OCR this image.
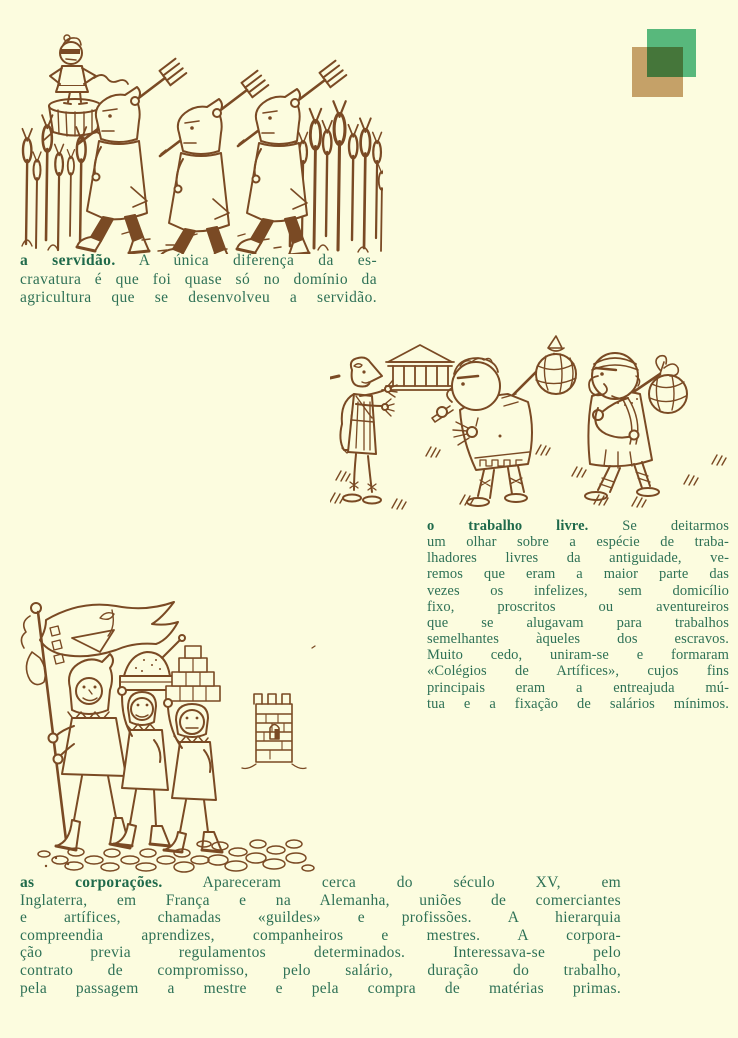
a servidão. A única diferença da es-
cravatura é que foi quase só no domínio da
agricultura que se desenvolveu a servidão.
o trabalho livre. Se deitarmos
um olhar sobre a espécie de traba-
lhadores livres da antiguidade, ve-
remos que eram a maior parte das
vezes os infelizes, sem domicílio
fixo, proscritos ou aventureiros
que se alugavam para trabalhos
semelhantes àqueles dos escravos.
Muito cedo, uniram-se e formaram
«Colégios de Artífices», cujos fins
principais eram a entreajuda mú-
tua e a fixação de salários mínimos.
as corporações.	Apareceram cerca do século XV, em
Inglaterra, em França e na Alemanha, uniões de comerciantes
e artífices, chamadas «guildes» e profissões. A hierarquia
compreendia aprendizes, companheiros e mestres. A corpora-
ção previa regulamentos determinados. Interessava-se pelo
contrato de compromisso, pelo salário, duração do trabalho,
pela passagem a mestre e pela compra de matérias primas.
